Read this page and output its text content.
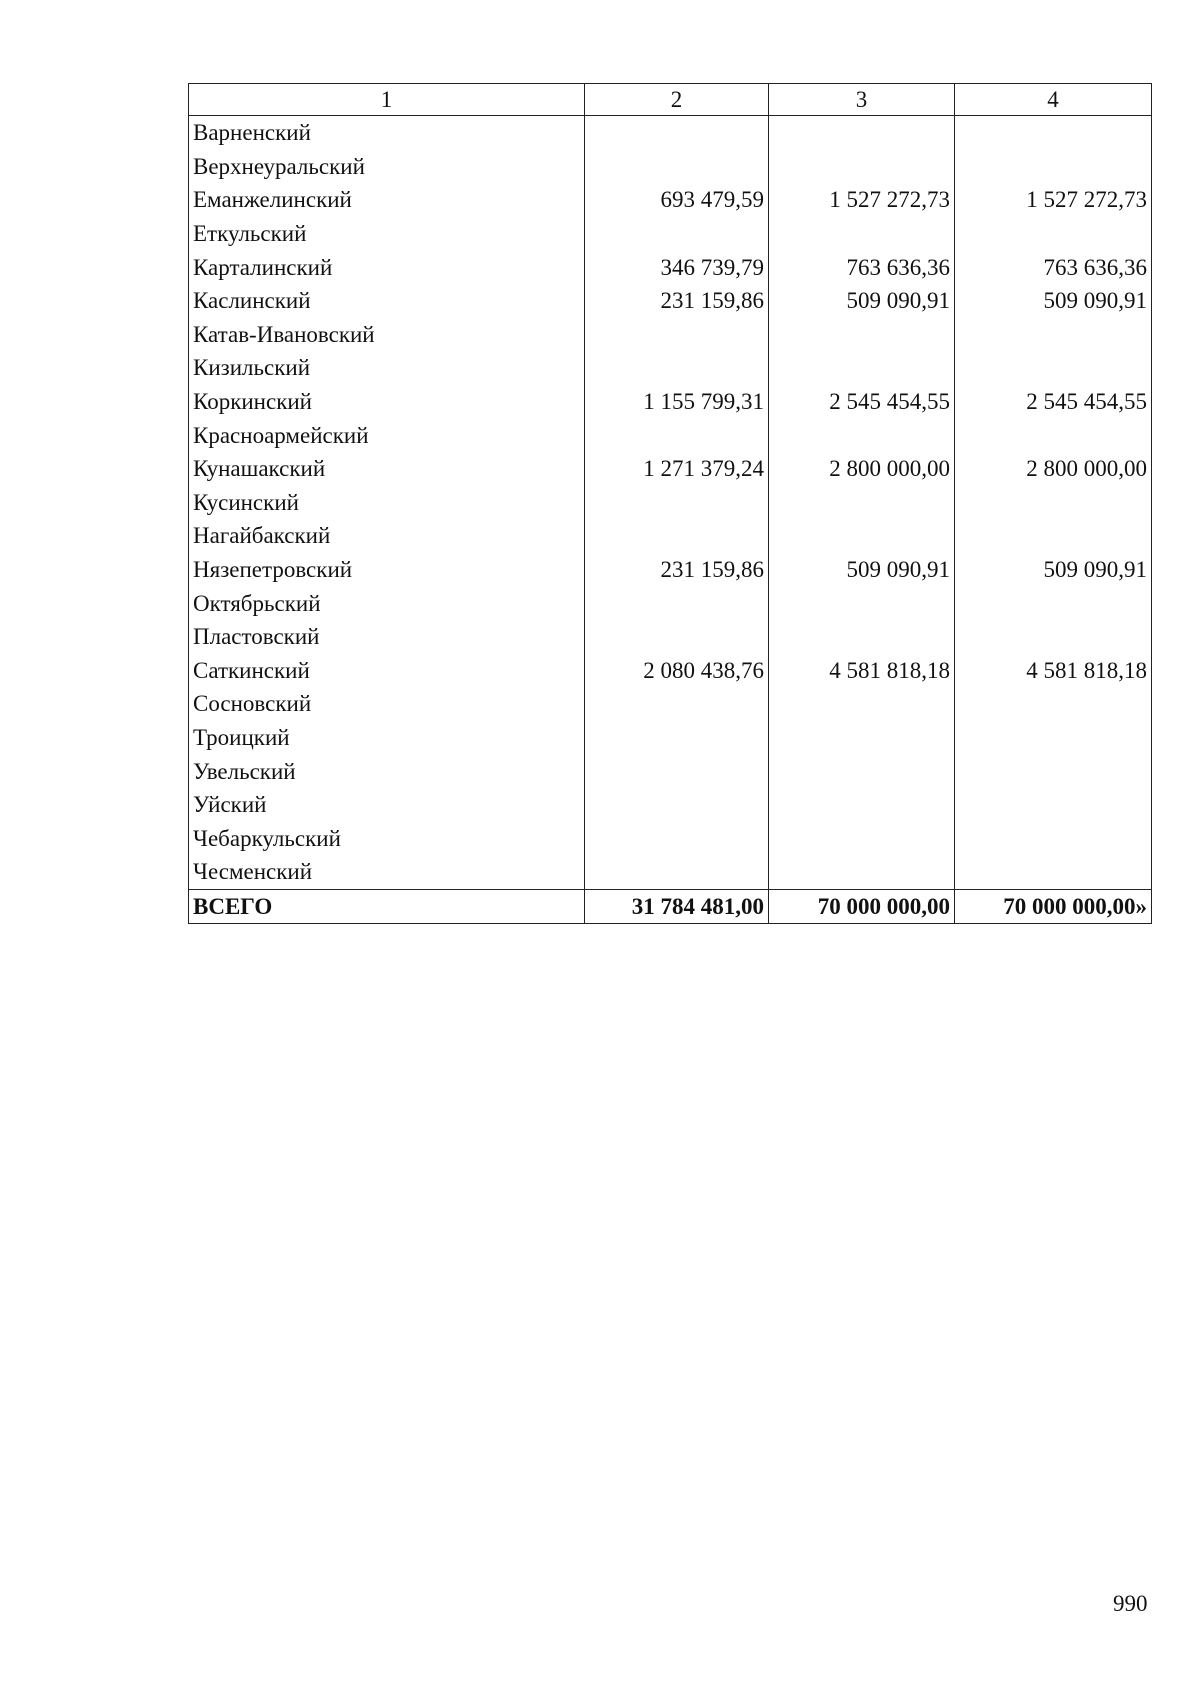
1	2	3	4
Варненский			
Верхнеуральский			
Еманжелинский	693 479,59	1 527 272,73	1 527 272,73
Еткульский			
Карталинский	346 739,79	763 636,36	763 636,36
Каслинский	231 159,86	509 090,91	509 090,91
Катав-Ивановский			
Кизильский			
Коркинский	1 155 799,31	2 545 454,55	2 545 454,55
Красноармейский			
Кунашакский	1 271 379,24	2 800 000,00	2 800 000,00
Кусинский			
Нагайбакский			
Нязепетровский	231 159,86	509 090,91	509 090,91
Октябрьский			
Пластовский			
Саткинский	2 080 438,76	4 581 818,18	4 581 818,18
Сосновский			
Троицкий			
Увельский			
Уйский			
Чебаркульский			
Чесменский			
ВСЕГО	31 784 481,00	70 000 000,00	70 000 000,00»
990
